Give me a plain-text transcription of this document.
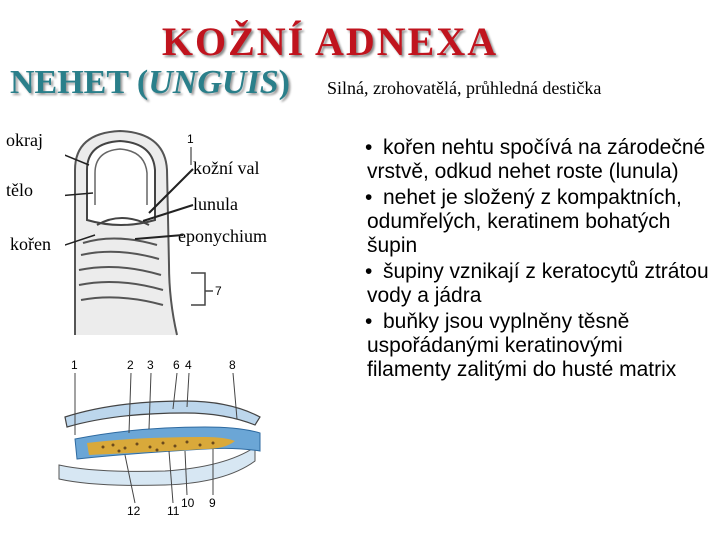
KOŽNÍ ADNEXA
NEHET (UNGUIS) Silná, zrohovatělá, průhledná destička
okraj
tělo
kořen
kožní val
lunula
eponychium
1
7
1	2 3 6 4	8
12 11
10 9
• kořen nehtu spočívá na zárodečné vrstvě, odkud nehet roste (lunula)
• nehet je složený z kompaktních, odumřelých, keratinem bohatých šupin
• šupiny vznikají z keratocytů ztrátou vody a jádra
• buňky jsou vyplněny těsně uspořádanými keratinovými filamenty zalitými do husté matrix
